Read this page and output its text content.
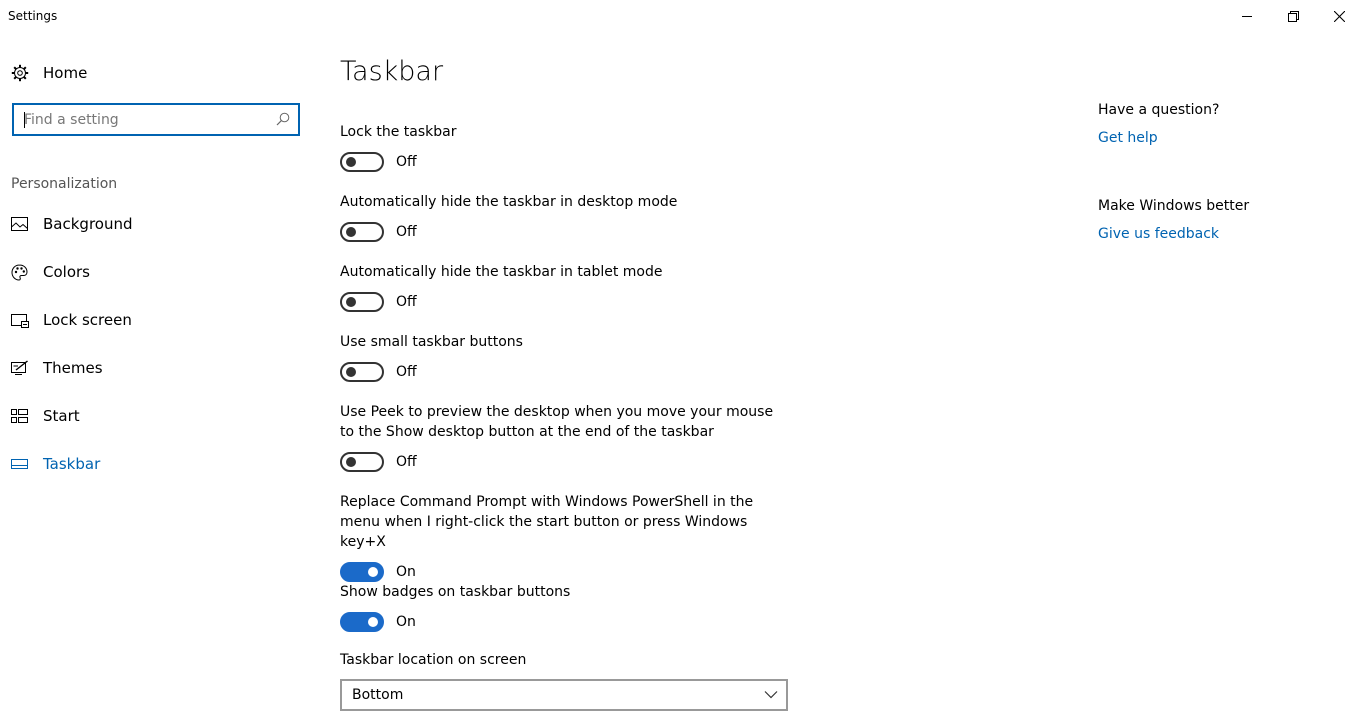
Settings
Home
Find a setting
Personalization
Background
Colors
Lock screen
Themes
Start
Taskbar
Taskbar
Lock the taskbar
Off
Automatically hide the taskbar in desktop mode
Off
Automatically hide the taskbar in tablet mode
Off
Use small taskbar buttons
Off
Use Peek to preview the desktop when you move your mouse to the Show desktop button at the end of the taskbar
Off
Replace Command Prompt with Windows PowerShell in the menu when I right-click the start button or press Windows key+X
On
Show badges on taskbar buttons
On
Taskbar location on screen
Bottom
Have a question?
Get help
Make Windows better
Give us feedback
